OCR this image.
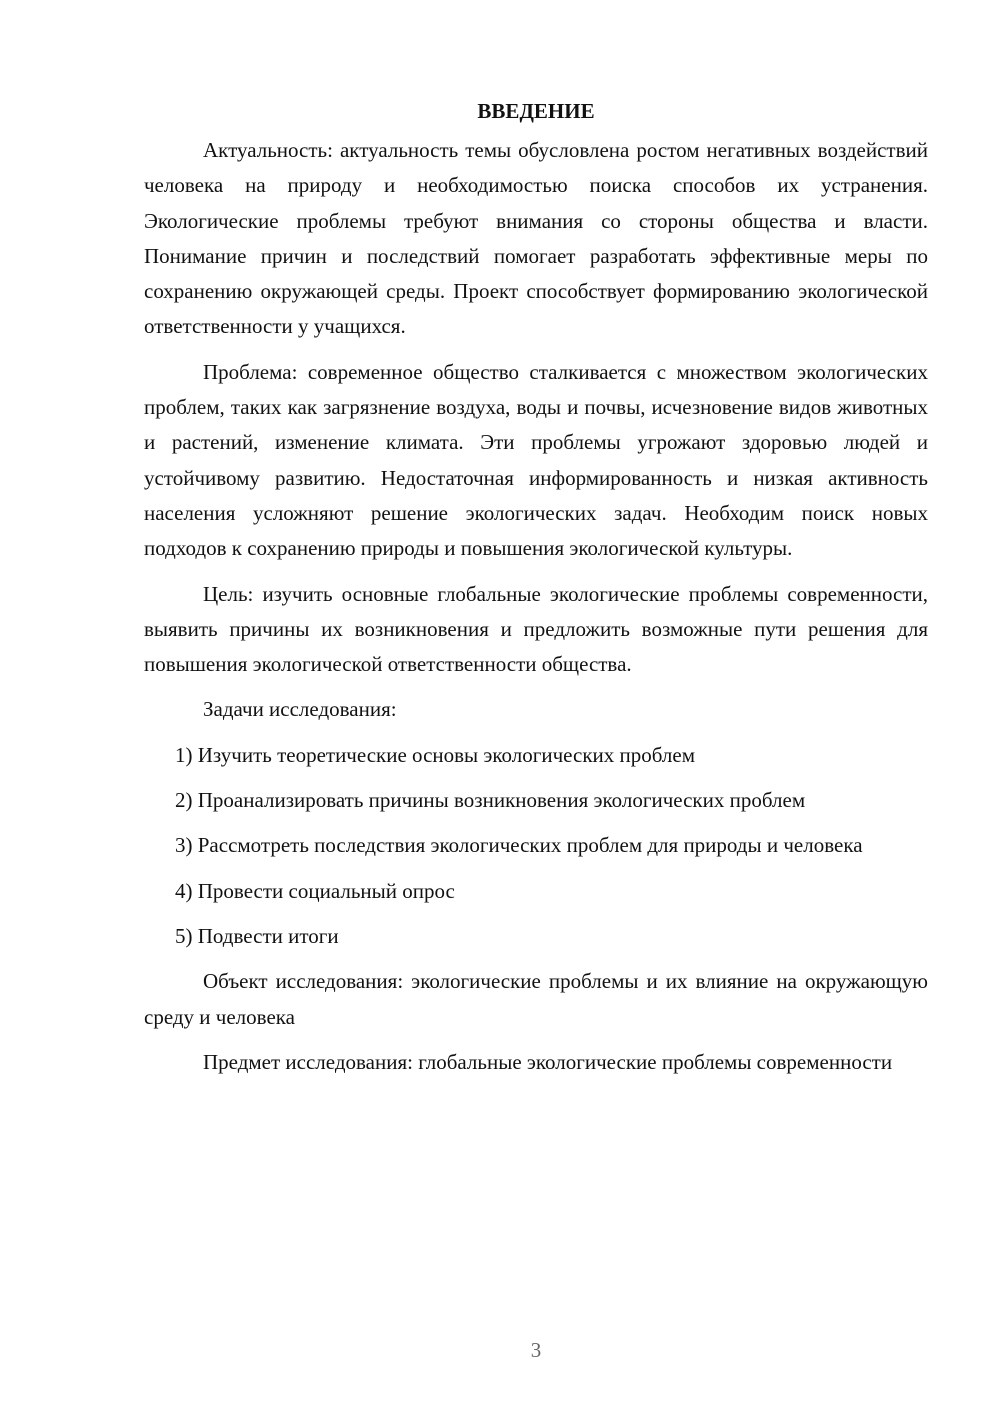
ВВЕДЕНИЕ

Актуальность: актуальность темы обусловлена ростом негативных воздействий человека на природу и необходимостью поиска способов их устранения. Экологические проблемы требуют внимания со стороны общества и власти. Понимание причин и последствий помогает разработать эффективные меры по сохранению окружающей среды. Проект способствует формированию экологической ответственности у учащихся.

Проблема: современное общество сталкивается с множеством экологических проблем, таких как загрязнение воздуха, воды и почвы, исчезновение видов животных и растений, изменение климата. Эти проблемы угрожают здоровью людей и устойчивому развитию. Недостаточная информированность и низкая активность населения усложняют решение экологических задач. Необходим поиск новых подходов к сохранению природы и повышения экологической культуры.

Цель: изучить основные глобальные экологические проблемы современности, выявить причины их возникновения и предложить возможные пути решения для повышения экологической ответственности общества.

Задачи исследования:

1) Изучить теоретические основы экологических проблем

2) Проанализировать причины возникновения экологических проблем

3) Рассмотреть последствия экологических проблем для природы и человека

4) Провести социальный опрос

5) Подвести итоги

Объект исследования: экологические проблемы и их влияние на окружающую среду и человека

Предмет исследования: глобальные экологические проблемы современности

3
